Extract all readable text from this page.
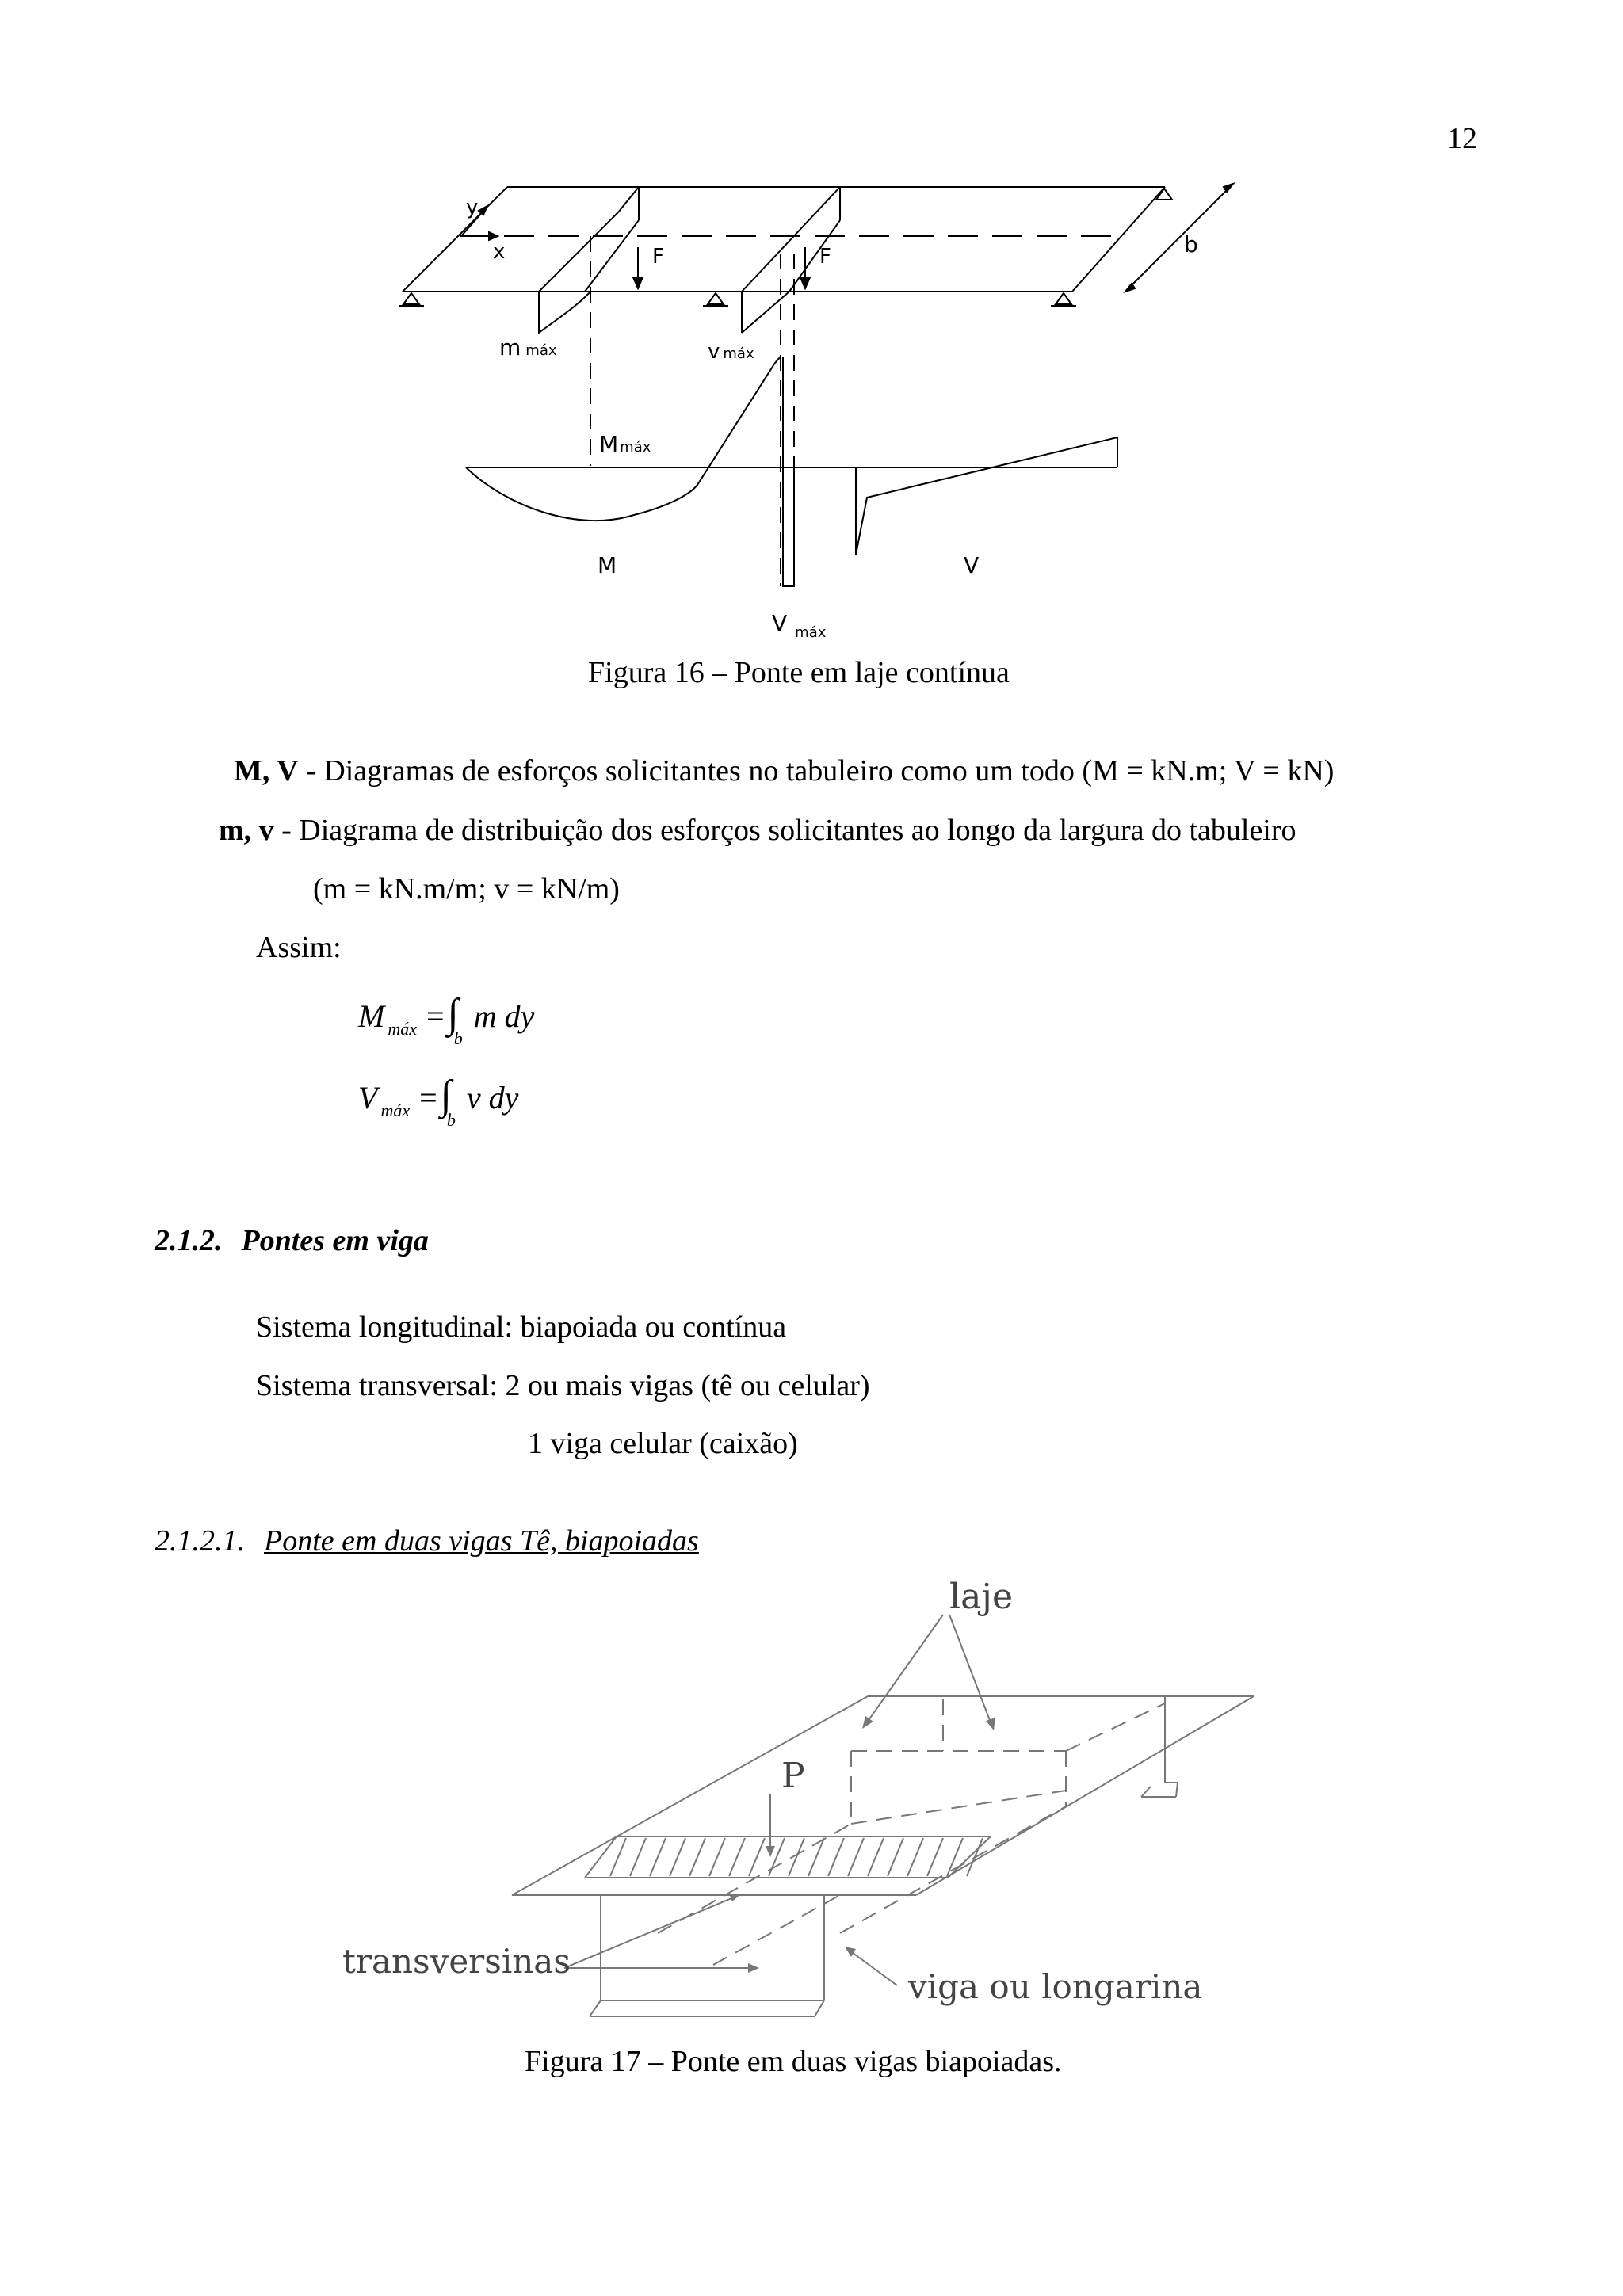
12
y
x	F	F	b
mmáx	v máx
Mmáx
M	V
V $_{máx}$
Figura 16 – Ponte em laje contínua
M, V - Diagramas de esforços solicitantes no tabuleiro como um todo (M = kN.m; V = kN)
m, v - Diagrama de distribuição dos esforços solicitantes ao longo da largura do tabuleiro
(m = kN.m/m; v = kN/m)
Assim:
M máx = ∫ b m dy
V máx = ∫ b v dy
2.1.2. Pontes em viga
Sistema longitudinal: biapoiada ou contínua
Sistema transversal: 2 ou mais vigas (tê ou celular)
1 viga celular (caixão)
2.1.2.1. Ponte em duas vigas Tê, biapoiadas
laje
P
transversinas
viga ou longarina
Figura 17 – Ponte em duas vigas biapoiadas.
